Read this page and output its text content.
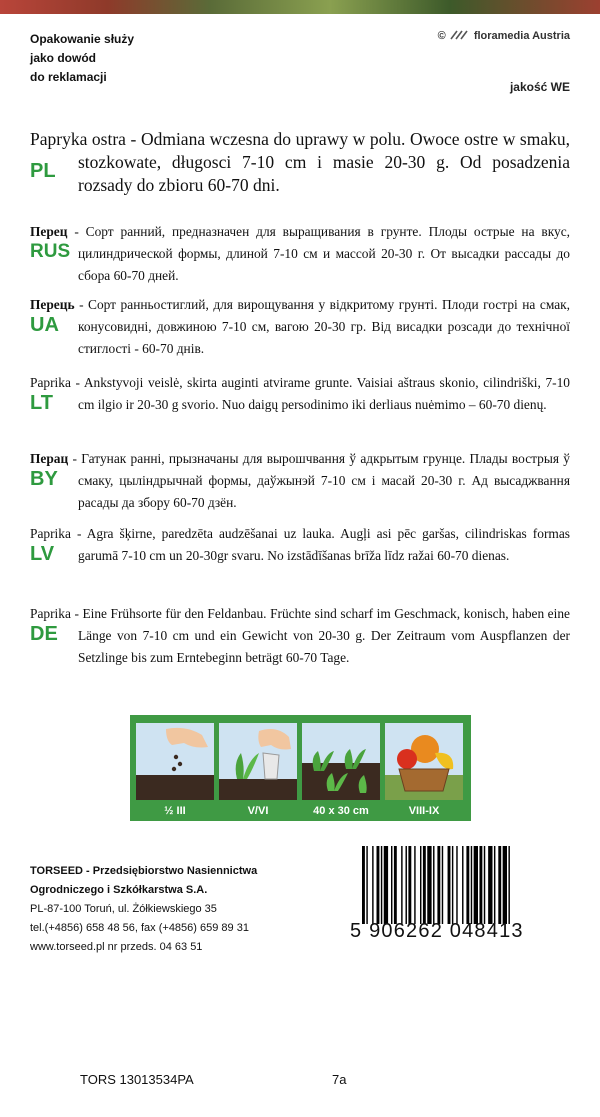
Opakowanie służy
jako dowód
do reklamacji
©	floramedia Austria
jakość WE
PL

Papryka ostra - Odmiana wczesna do uprawy w polu. Owoce ostre w smaku, stozkowate, długosci 7-10 cm i masie 20-30 g. Od posadzenia rozsady do zbioru 60-70 dni.

RUS

Перец - Сорт ранний, предназначен для выращивания в грунте. Плоды острые на вкус, цилиндрической формы, длиной 7-10 см и массой 20-30 г. От высадки рассады до сбора 60-70 дней.

UA

Перець - Сорт ранньостиглий, для вирощування у відкритому грунті. Плоди гострі на смак, конусовидні, довжиною 7-10 см, вагою 20-30 гр. Від висадки розсади до технічної стиглості - 60-70 днів.

LT

Paprika - Ankstyvoji veislė, skirta auginti atvirame grunte. Vaisiai aštraus skonio, cilindriški, 7-10 cm ilgio ir 20-30 g svorio. Nuo daigų persodinimo iki derliaus nuėmimo – 60-70 dienų.

BY

Перац - Гатунак ранні, прызначаны для вырошчвання ў адкрытым грунце. Плады вострыя ў смаку, цыліндрычнай формы, даўжынэй 7-10 см і масай 20-30 г. Ад высаджвання расады да збору 60-70 дзён.

LV

Paprika - Agra šķirne, paredzēta audzēšanai uz lauka. Augļi asi pēc garšas, cilindriskas formas garumā 7-10 cm un 20-30gr svaru. No izstādīšanas brīža līdz ražai 60-70 dienas.

DE

Paprika - Eine Frühsorte für den Feldanbau. Früchte sind scharf im Geschmack, konisch, haben eine Länge von 7-10 cm und ein Gewicht von 20-30 g. Der Zeitraum vom Auspflanzen der Setzlinge bis zum Erntebeginn beträgt 60-70 Tage.

½ III	V/VI	40 x 30 cm	VIII-IX
TORSEED - Przedsiębiorstwo Nasiennictwa
Ogrodniczego i Szkółkarstwa S.A.
PL-87-100 Toruń, ul. Żółkiewskiego 35
tel.(+4856) 658 48 56, fax (+4856) 659 89 31
www.torseed.pl nr przeds. 04 63 51
5 906262 048413
TORS 13013534PA	7a
